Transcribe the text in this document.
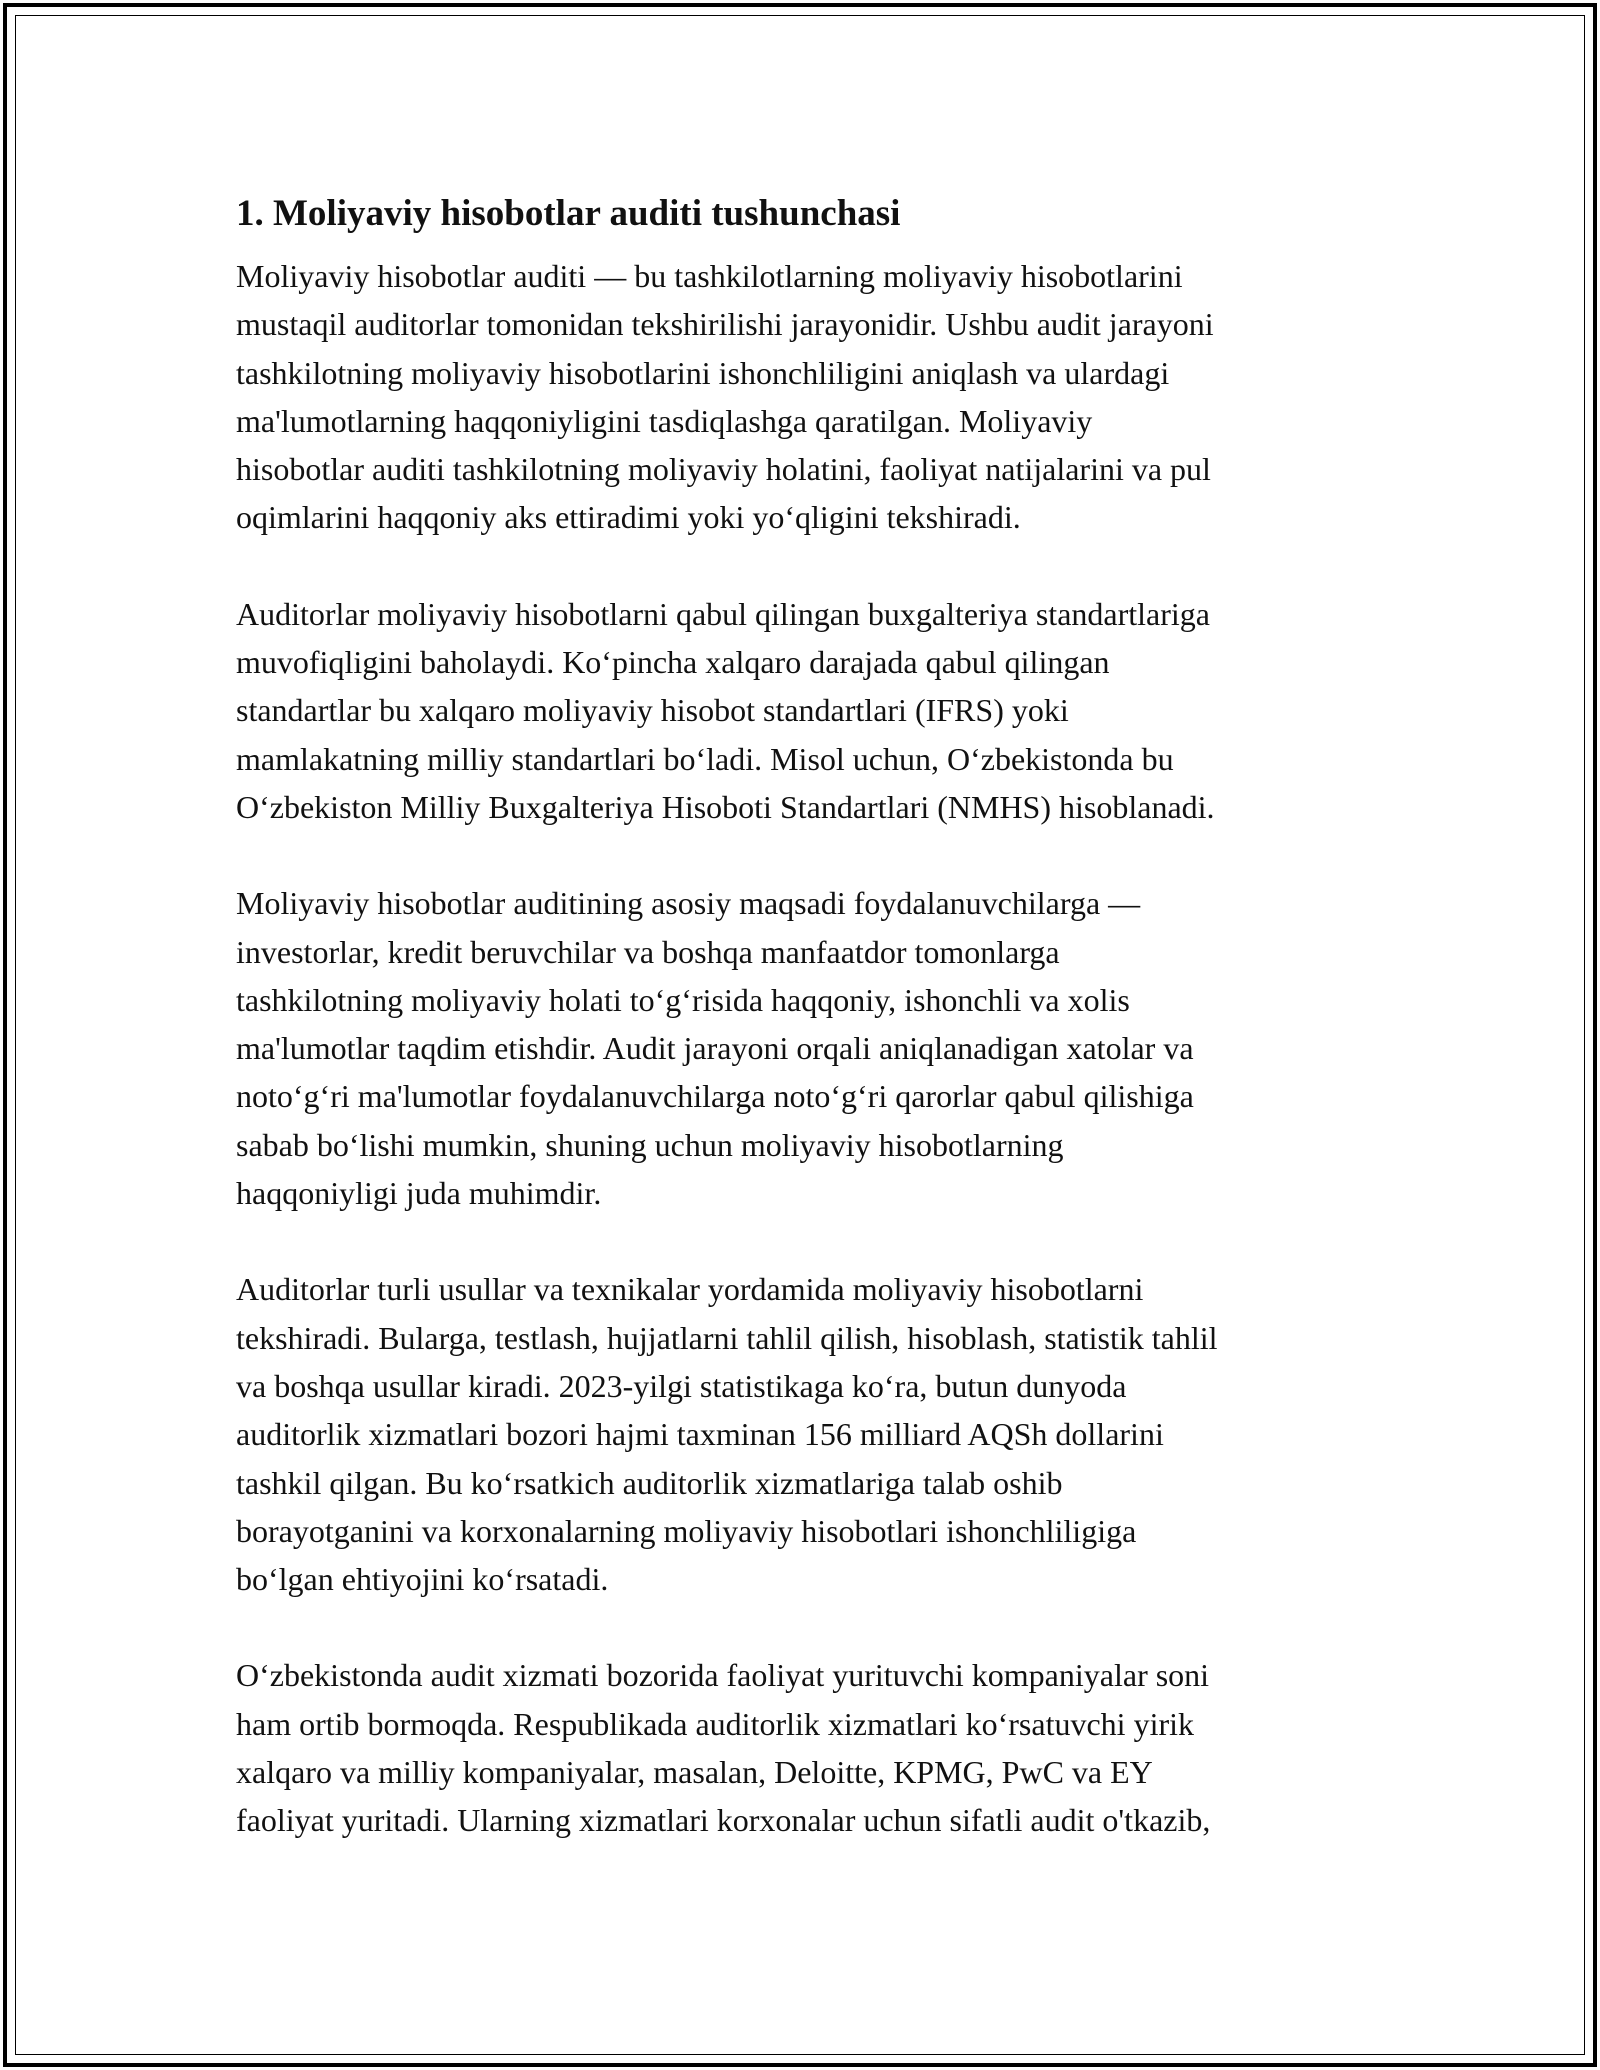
1. Moliyaviy hisobotlar auditi tushunchasi

Moliyaviy hisobotlar auditi — bu tashkilotlarning moliyaviy hisobotlarini
mustaqil auditorlar tomonidan tekshirilishi jarayonidir. Ushbu audit jarayoni
tashkilotning moliyaviy hisobotlarini ishonchliligini aniqlash va ulardagi
ma'lumotlarning haqqoniyligini tasdiqlashga qaratilgan. Moliyaviy
hisobotlar auditi tashkilotning moliyaviy holatini, faoliyat natijalarini va pul
oqimlarini haqqoniy aks ettiradimi yoki yo‘qligini tekshiradi.

Auditorlar moliyaviy hisobotlarni qabul qilingan buxgalteriya standartlariga
muvofiqligini baholaydi. Ko‘pincha xalqaro darajada qabul qilingan
standartlar bu xalqaro moliyaviy hisobot standartlari (IFRS) yoki
mamlakatning milliy standartlari bo‘ladi. Misol uchun, O‘zbekistonda bu
O‘zbekiston Milliy Buxgalteriya Hisoboti Standartlari (NMHS) hisoblanadi.

Moliyaviy hisobotlar auditining asosiy maqsadi foydalanuvchilarga —
investorlar, kredit beruvchilar va boshqa manfaatdor tomonlarga
tashkilotning moliyaviy holati to‘g‘risida haqqoniy, ishonchli va xolis
ma'lumotlar taqdim etishdir. Audit jarayoni orqali aniqlanadigan xatolar va
noto‘g‘ri ma'lumotlar foydalanuvchilarga noto‘g‘ri qarorlar qabul qilishiga
sabab bo‘lishi mumkin, shuning uchun moliyaviy hisobotlarning
haqqoniyligi juda muhimdir.

Auditorlar turli usullar va texnikalar yordamida moliyaviy hisobotlarni
tekshiradi. Bularga, testlash, hujjatlarni tahlil qilish, hisoblash, statistik tahlil
va boshqa usullar kiradi. 2023-yilgi statistikaga ko‘ra, butun dunyoda
auditorlik xizmatlari bozori hajmi taxminan 156 milliard AQSh dollarini
tashkil qilgan. Bu ko‘rsatkich auditorlik xizmatlariga talab oshib
borayotganini va korxonalarning moliyaviy hisobotlari ishonchliligiga
bo‘lgan ehtiyojini ko‘rsatadi.

O‘zbekistonda audit xizmati bozorida faoliyat yurituvchi kompaniyalar soni
ham ortib bormoqda. Respublikada auditorlik xizmatlari ko‘rsatuvchi yirik
xalqaro va milliy kompaniyalar, masalan, Deloitte, KPMG, PwC va EY
faoliyat yuritadi. Ularning xizmatlari korxonalar uchun sifatli audit o'tkazib,
